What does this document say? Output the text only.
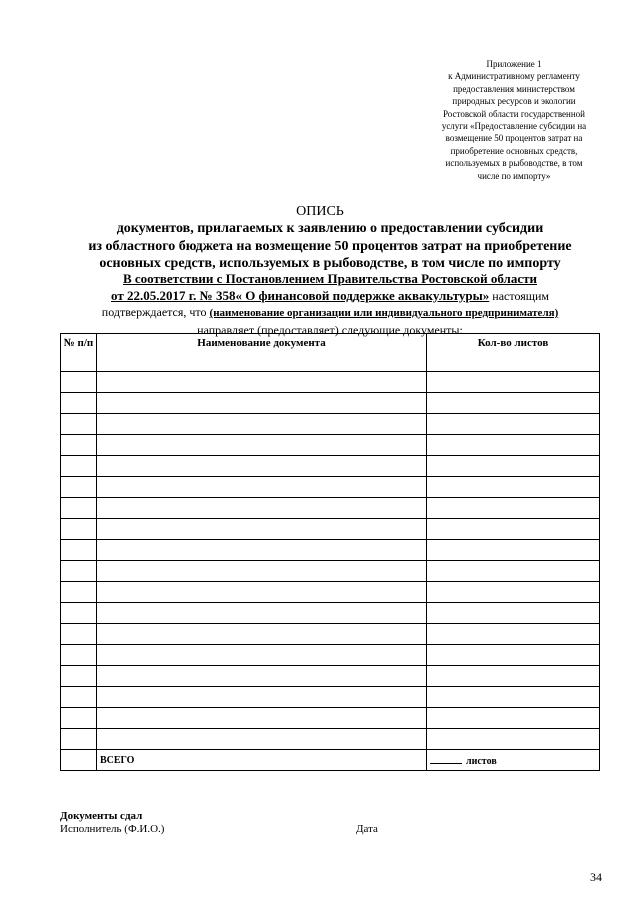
Приложение 1
к Административному регламенту
предоставления министерством
природных ресурсов и экологии
Ростовской области государственной
услуги «Предоставление субсидии на
возмещение 50 процентов затрат на
приобретение основных средств,
используемых в рыбоводстве, в том
числе по импорту»
ОПИСЬ
документов, прилагаемых к заявлению о предоставлении субсидии
из областного бюджета на возмещение 50 процентов затрат на приобретение
основных средств, используемых в рыбоводстве, в том числе по импорту
В соответствии с Постановлением Правительства Ростовской области
от 22.05.2017 г. № 358« О финансовой поддержке аквакультуры» настоящим
подтверждается, что (наименование организации или индивидуального предпринимателя)
направляет (предоставляет) следующие документы:
№ п/п	Наименование документа	Кол-во листов

	ВСЕГО	листов
Документы сдал
Исполнитель (Ф.И.О.)	Дата
34
